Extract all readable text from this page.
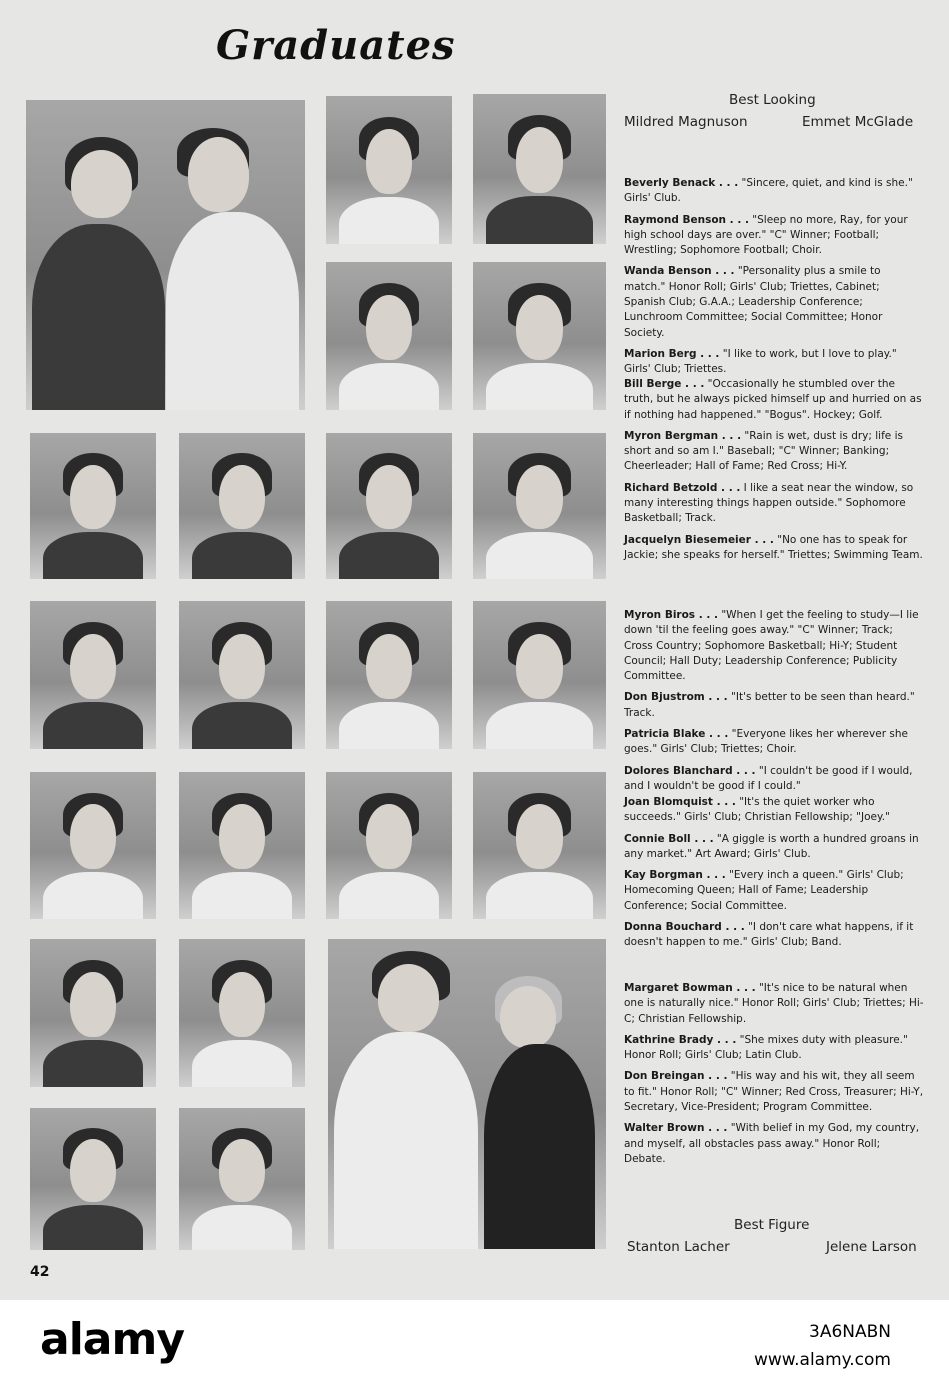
Graduates
Best Looking
Mildred Magnuson	Emmet McGlade

Beverly Benack . . . "Sincere, quiet, and kind is she." Girls' Club.

Raymond Benson . . . "Sleep no more, Ray, for your high school days are over." "C" Winner; Football; Wrestling; Sophomore Football; Choir.

Wanda Benson . . . "Personality plus a smile to match." Honor Roll; Girls' Club; Triettes, Cabinet; Spanish Club; G.A.A.; Leadership Conference; Lunchroom Committee; Social Committee; Honor Society.

Marion Berg . . . "I like to work, but I love to play." Girls' Club; Triettes.

Bill Berge . . . "Occasionally he stumbled over the truth, but he always picked himself up and hurried on as if nothing had happened." "Bogus". Hockey; Golf.

Myron Bergman . . . "Rain is wet, dust is dry; life is short and so am I." Baseball; "C" Winner; Banking; Cheerleader; Hall of Fame; Red Cross; Hi-Y.

Richard Betzold . . . I like a seat near the window, so many interesting things happen outside." Sophomore Basketball; Track.

Jacquelyn Biesemeier . . . "No one has to speak for Jackie; she speaks for herself." Triettes; Swimming Team.

Myron Biros . . . "When I get the feeling to study—I lie down 'til the feeling goes away." "C" Winner; Track; Cross Country; Sophomore Basketball; Hi-Y; Student Council; Hall Duty; Leadership Conference; Publicity Committee.

Don Bjustrom . . . "It's better to be seen than heard." Track.

Patricia Blake . . . "Everyone likes her wherever she goes." Girls' Club; Triettes; Choir.

Dolores Blanchard . . . "I couldn't be good if I would, and I wouldn't be good if I could."

Joan Blomquist . . . "It's the quiet worker who succeeds." Girls' Club; Christian Fellowship; "Joey."

Connie Boll . . . "A giggle is worth a hundred groans in any market." Art Award; Girls' Club.

Kay Borgman . . . "Every inch a queen." Girls' Club; Homecoming Queen; Hall of Fame; Leadership Conference; Social Committee.

Donna Bouchard . . . "I don't care what happens, if it doesn't happen to me." Girls' Club; Band.

Margaret Bowman . . . "It's nice to be natural when one is naturally nice." Honor Roll; Girls' Club; Triettes; Hi-C; Christian Fellowship.

Kathrine Brady . . . "She mixes duty with pleasure." Honor Roll; Girls' Club; Latin Club.

Don Breingan . . . "His way and his wit, they all seem to fit." Honor Roll; "C" Winner; Red Cross, Treasurer; Hi-Y, Secretary, Vice-President; Program Committee.

Walter Brown . . . "With belief in my God, my country, and myself, all obstacles pass away." Honor Roll; Debate.

Best Figure
Stanton Lacher	Jelene Larson
42
alamy	3A6NABN
www.alamy.com
